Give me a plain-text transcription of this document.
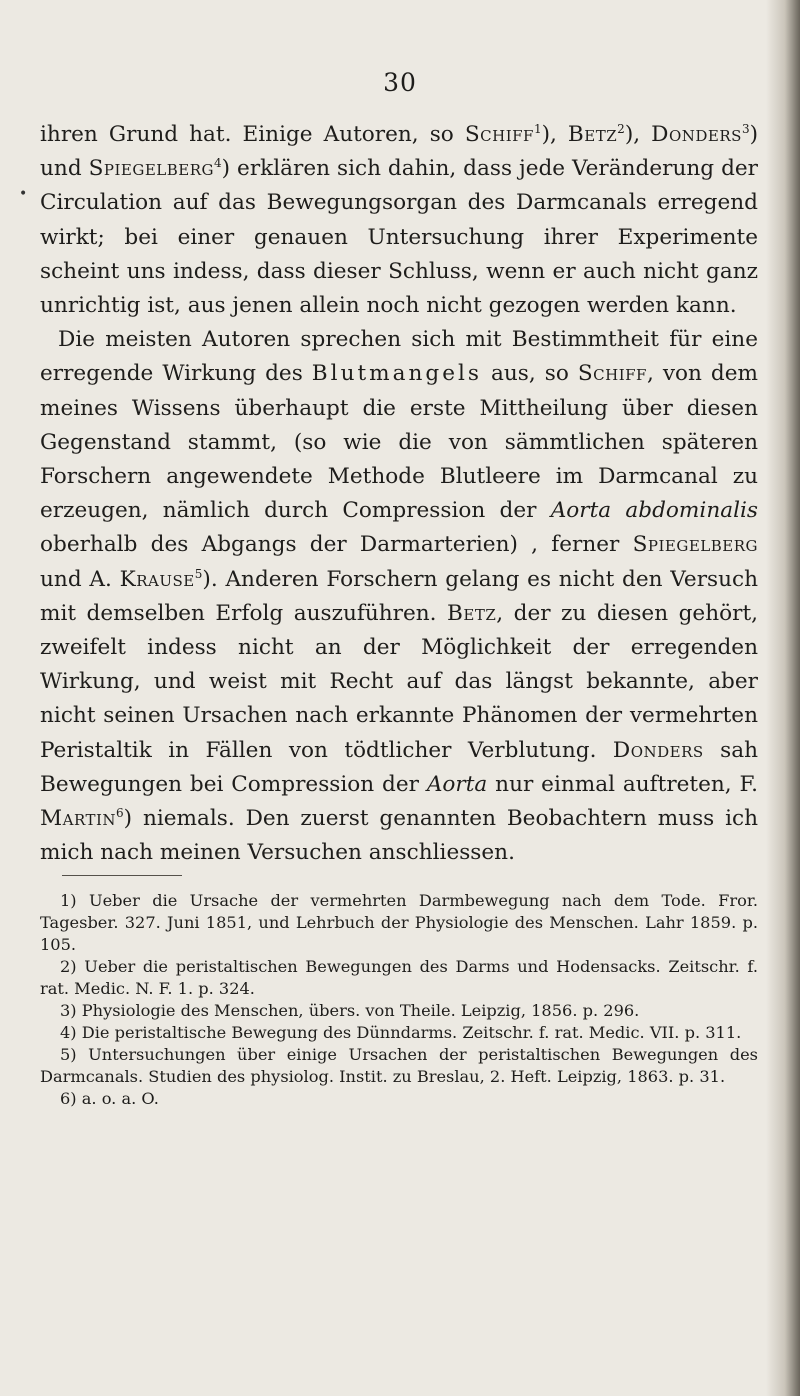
30
•

ihren Grund hat. Einige Autoren, so Schiff$^1$), Betz$^2$), Donders$^3$) und Spiegelberg$^4$) erklären sich dahin, dass jede Veränderung der Circulation auf das Bewegungsorgan des Darmcanals erregend wirkt; bei einer genauen Untersuchung ihrer Experimente scheint uns indess, dass dieser Schluss, wenn er auch nicht ganz unrichtig ist, aus jenen allein noch nicht gezogen werden kann.

Die meisten Autoren sprechen sich mit Bestimmtheit für eine erregende Wirkung des Blutmangels aus, so Schiff, von dem meines Wissens überhaupt die erste Mittheilung über diesen Gegenstand stammt, (so wie die von sämmtlichen späteren Forschern angewendete Methode Blutleere im Darmcanal zu erzeugen, nämlich durch Compression der Aorta abdominalis oberhalb des Abgangs der Darmarterien) , ferner Spiegelberg und A. Krause$^5$). Anderen Forschern gelang es nicht den Versuch mit demselben Erfolg auszuführen. Betz, der zu diesen gehört, zweifelt indess nicht an der Möglichkeit der erregenden Wirkung, und weist mit Recht auf das längst bekannte, aber nicht seinen Ursachen nach erkannte Phänomen der vermehrten Peristaltik in Fällen von tödtlicher Verblutung. Donders sah Bewegungen bei Compression der Aorta nur einmal auftreten, F. Martin$^6$) niemals. Den zuerst genannten Beobachtern muss ich mich nach meinen Versuchen anschliessen.

1) Ueber die Ursache der vermehrten Darmbewegung nach dem Tode. Fror. Tagesber. 327. Juni 1851, und Lehrbuch der Physiologie des Menschen. Lahr 1859. p. 105.

2) Ueber die peristaltischen Bewegungen des Darms und Hodensacks. Zeitschr. f. rat. Medic. N. F. 1. p. 324.

3) Physiologie des Menschen, übers. von Theile. Leipzig, 1856. p. 296.

4) Die peristaltische Bewegung des Dünndarms. Zeitschr. f. rat. Medic. VII. p. 311.

5) Untersuchungen über einige Ursachen der peristaltischen Bewegungen des Darmcanals. Studien des physiolog. Instit. zu Breslau, 2. Heft. Leipzig, 1863. p. 31.

6) a. o. a. O.
